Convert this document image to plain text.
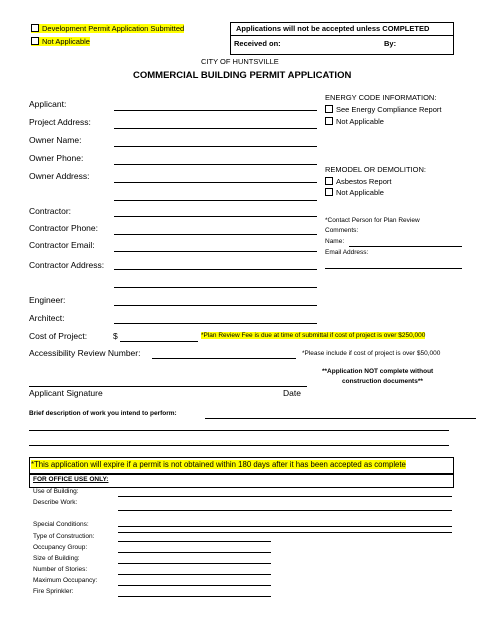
Development Permit Application Submitted
Not Applicable
Applications will not be accepted unless COMPLETED
Received on:	By:
CITY OF HUNTSVILLE
COMMERCIAL BUILDING PERMIT APPLICATION
Applicant:
Project Address:
Owner Name:
Owner Phone:
Owner Address:
Contractor:
Contractor Phone:
Contractor Email:
Contractor Address:
Engineer:
Architect:
Cost of Project:	$	*Plan Review Fee is due at time of submittal if cost of project is over $250,000
Accessibility Review Number:	*Please include if cost of project is over $50,000
ENERGY CODE INFORMATION:
See Energy Compliance Report
Not Applicable
REMODEL OR DEMOLITION:
Asbestos Report
Not Applicable
*Contact Person for Plan Review
Comments:
Name:
Email Address:
**Application NOT complete without
construction documents**
Applicant Signature	Date
Brief description of work you intend to perform:
*This application will expire if a permit is not obtained within 180 days after it has been accepted as complete
FOR OFFICE USE ONLY:
Use of Building:
Describe Work:
Special Conditions:
Type of Construction:
Occupancy Group:
Size of Building:
Number of Stories:
Maximum Occupancy:
Fire Sprinkler:
